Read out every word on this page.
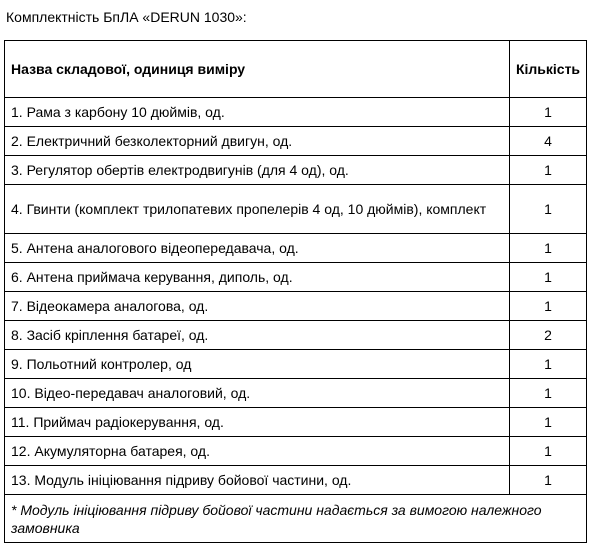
Комплектність БпЛА «DERUN 1030»:
Назва складової, одиниця виміру	Кількість
1. Рама з карбону 10 дюймів, од.	1
2. Електричний безколекторний двигун, од.	4
3. Регулятор обертів електродвигунів (для 4 од), од.	1
4. Гвинти (комплект трилопатевих пропелерів 4 од, 10 дюймів), комплект	1
5. Антена аналогового відеопередавача, од.	1
6. Антена приймача керування, диполь, од.	1
7. Відеокамера аналогова, од.	1
8. Засіб кріплення батареї, од.	2
9. Польотний контролер, од	1
10. Відео-передавач аналоговий, од.	1
11. Приймач радіокерування, од.	1
12. Акумуляторна батарея, од.	1
13. Модуль ініціювання підриву бойової частини, од.	1
* Модуль ініціювання підриву бойової частини надається за вимогою належного замовника	
